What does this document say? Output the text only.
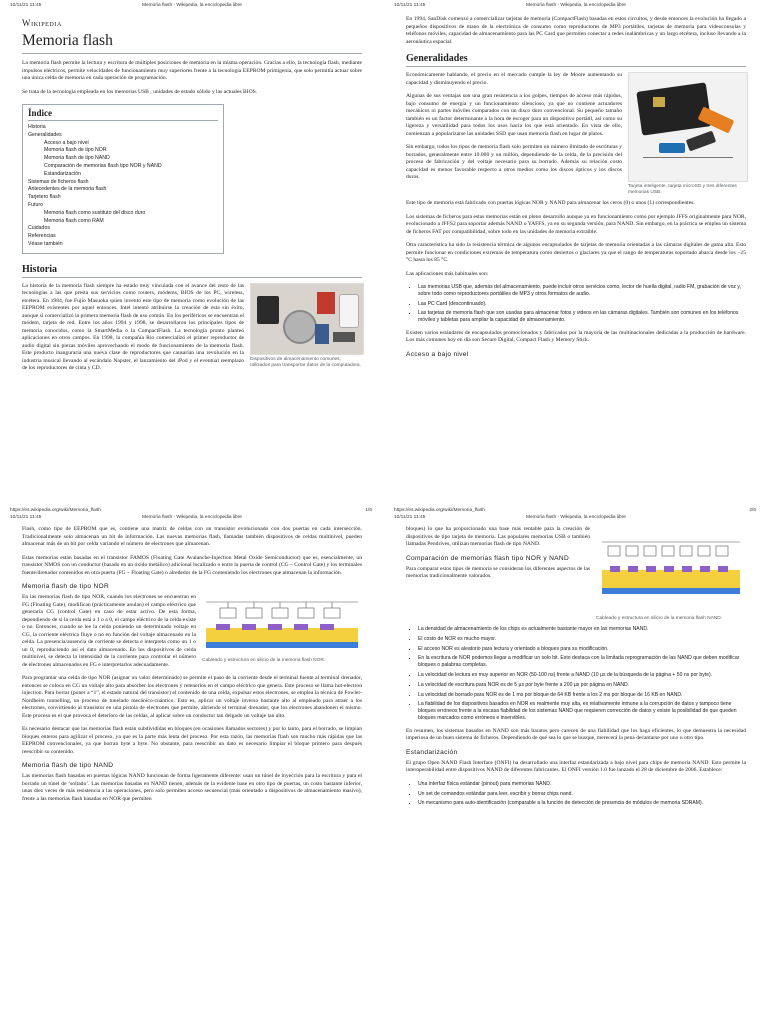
10/11/21 11:45	Memoria flash - Wikipedia, la enciclopedia libre
Wikipedia
Memoria flash

La memoria flash permite la lectura y escritura de múltiples posiciones de memoria en la misma operación. Gracias a ello, la tecnología flash, mediante impulsos eléctricos, permite velocidades de funcionamiento muy superiores frente a la tecnología EEPROM primigenia, que solo permitía actuar sobre una única celda de memoria en cada operación de programación.

Se trata de la tecnología empleada en los memorias USB , unidades de estado sólido y las actuales BIOS.

Índice
Historia
Generalidades
Acceso a bajo nivel
Memoria flash de tipo NOR
Memoria flash de tipo NAND
Comparación de memorias flash tipo NOR y NAND
Estandarización
Sistemas de ficheros flash
Antecedentes de la memoria flash
Tarjetero flash
Futuro
Memoria flash como sustituto del disco duro
Memoria flash como RAM
Cuidados
Referencias
Véase también
Historia
Dispositivos de almacenamiento comunes, utilizados para transportar datos de la computadora.

La historia de la memoria flash siempre ha estado muy vinculada con el avance del resto de las tecnologías a las que presta sus servicios como routers, módems, BIOS de los PC, wireless, etcétera. En 1984, fue Fujio Masuoka quien inventó este tipo de memoria como evolución de las EEPROM existentes por aquel entonces. Intel intentó atribuirse la creación de esta sin éxito, aunque sí comercializó la primera memoria flash de uso común. En los periféricos se encuentran el módem, tarjeta de red. Entre los años 1994 y 1998, se desarrollaron los principales tipos de memoria conocidos, como la SmartMedia o la CompactFlash. La tecnología pronto planteó aplicaciones en otros campos. En 1998, la compañía Rio comercializó el primer reproductor de audio digital sin piezas móviles aprovechando el modo de funcionamiento de la memoria flash. Este producto inauguraría una nueva clase de reproductores que causarían una revolución en la industria musical llevando al escándalo Napster, el lanzamiento del iPod y el eventual reemplazo de los reproductores de cinta y CD.

https://es.wikipedia.org/wiki/Memoria_flash	1/6
10/11/21 11:45	Memoria flash - Wikipedia, la enciclopedia libre

En 1994, SanDisk comenzó a comercializar tarjetas de memoria (CompactFlash) basadas en estos circuitos, y desde entonces la evolución ha llegado a pequeños dispositivos de mano de la electrónica de consumo como reproductores de MP3 portátiles, tarjetas de memoria para videoconsolas y teléfonos móviles, capacidad de almacenamiento para las PC Card que permiten conectar a redes inalámbricas y un largo etcétera, incluso llevando a la aeronáutica espacial.

Generalidades
Tarjeta inteligente, tarjeta microSD y tres diferentes memorias USB.

Económicamente hablando, el precio en el mercado cumple la ley de Moore aumentando su capacidad y disminuyendo el precio.

Algunas de sus ventajas son una gran resistencia a los golpes, tiempos de acceso más rápidos, bajo consumo de energía y un funcionamiento silencioso, ya que no contiene actuadores mecánicos ni partes móviles comparados con un disco duro convencional. Su pequeño tamaño también es un factor determinante a la hora de escoger para un dispositivo portátil, así como su ligereza y versatilidad para todos los usos hacia los que está orientado. En vista de ello, comienzan a popularizarse las unidades SSD que usan memoria flash en lugar de platos.

Sin embargo, todos los tipos de memoria flash solo permiten un número limitado de escrituras y borrados, generalmente entre 10.000 y un millón, dependiendo de la celda, de la precisión del proceso de fabricación y del voltaje necesario para su borrado. Además su relación costo capacidad es menos favorable respecto a otros medios como los discos ópticos y los discos duros.

Este tipo de memoria está fabricado con puertas lógicas NOR y NAND para almacenar los ceros (0) o unos (1) correspondientes.

Los sistemas de ficheros para estas memorias están en pleno desarrollo aunque ya en funcionamiento como por ejemplo JFFS originalmente para NOR, evolucionado a JFFS2 para soportar además NAND o YAFFS, ya en su segunda versión, para NAND. Sin embargo, en la práctica se emplea un sistema de ficheros FAT por compatibilidad, sobre todo en las unidades de memoria extraíble.

Otra característica ha sido la resistencia térmica de algunos encapsulados de tarjetas de memoria orientadas a las cámaras digitales de gama alta. Esto permite funcionar en condiciones extremas de temperatura como desiertos o glaciares ya que el rango de temperaturas soportado abarca desde los −25 °C hasta los 85 °C.

Las aplicaciones más habituales son:

• Las memorias USB que, además del almacenamiento, puede incluir otros servicios como, lector de huella digital, radio FM, grabación de voz y, sobre todo como reproductores portátiles de MP3 y otros formatos de audio.
• Las PC Card (descontinuado).
• Las tarjetas de memoria flash que son usadas para almacenar fotos y videos en las cámaras digitales. También son comunes en los teléfonos móviles y tabletas para ampliar la capacidad de almacenamiento.

Existen varios estándares de encapsulados promocionados y fabricados por la mayoría de las multinacionales dedicadas a la producción de hardware. Los más comunes hoy en día son Secure Digital, Compact Flash y Memory Stick.

Acceso a bajo nivel
https://es.wikipedia.org/wiki/Memoria_flash	2/6
10/11/21 11:45	Memoria flash - Wikipedia, la enciclopedia libre

Flash, como tipo de EEPROM que es, contiene una matriz de celdas con un transistor evolucionado con dos puertas en cada intersección. Tradicionalmente solo almacenan un bit de información. Las nuevas memorias flash, llamadas también dispositivos de celdas multinivel, pueden almacenar más de un bit por celda variando el número de electrones que almacenan.

Estas memorias están basadas en el transistor FAMOS (Floating Gate Avalanche-Injection Metal Oxide Semiconductor) que es, esencialmente, un transistor NMOS con un conductor (basado en un óxido metálico) adicional localizado o entre la puerta de control (CG – Control Gate) y los terminales fuente/drenador contenidos en otra puerta (FG – Floating Gate) o alrededor de la FG conteniendo los electrones que almacenan la información.

Memoria flash de tipo NOR
Cableado y estructura en silicio de la memoria flash NOR.

En las memorias flash de tipo NOR, cuando los electrones se encuentran en FG (Floating Gate), modifican (prácticamente anulan) el campo eléctrico que generaría CG (control Gate) en caso de estar activo. De esta forma, dependiendo de si la celda está a 1 o a 0, el campo eléctrico de la celda existe o no. Entonces, cuando se lee la celda poniendo un determinado voltaje en CG, la corriente eléctrica fluye o no en función del voltaje almacenado en la celda. La presencia/ausencia de corriente se detecta e interpreta como un 1 o un 0, reproduciendo así el dato almacenado. En los dispositivos de celda multinivel, se detecta la intensidad de la corriente para controlar el número de electrones almacenados en FG e interpretarlos adecuadamente.

Para programar una celda de tipo NOR (asignar un valor determinado) se permite el paso de la corriente desde el terminal fuente al terminal drenador, entonces se coloca en CG un voltaje alto para absorber los electrones y retenerlos en el campo eléctrico que genera. Este proceso se llama hot-electron injection. Para borrar (poner a “1”, el estado natural del transistor) el contenido de una celda, expulsar estos electrones, se emplea la técnica de Fowler-Nordheim tunnelling, un proceso de tunelado mecánico-cuántico. Esto es, aplicar un voltaje inverso bastante alto al empleado para atraer a los electrones, convirtiendo al transistor en una pistola de electrones que permite, abriendo el terminal drenador, que los electrones abandonen el mismo. Este proceso es el que provoca el deterioro de las celdas, al aplicar sobre un conductor tan delgado un voltaje tan alto.

Es necesario destacar que las memorias flash están subdivididas en bloques (en ocasiones llamados sectores) y por lo tanto, para el borrado, se limpian bloques enteros para agilizar el proceso, ya que es la parte más lenta del proceso. Por esta razón, las memorias flash son mucho más rápidas que las EEPROM convencionales, ya que borran byte a byte. No obstante, para reescribir un dato es necesario limpiar el bloque primero para después reescribir su contenido.

Memoria flash de tipo NAND

Las memorias flash basadas en puertas lógicas NAND funcionan de forma ligeramente diferente: usan un túnel de inyección para la escritura y para el borrado un túnel de ‘soltado’. Las memorias basadas en NAND tienen, además de la evidente base en otro tipo de puertas, un costo bastante inferior, unas diez veces de más resistencia a las operaciones, pero solo permiten acceso secuencial (más orientado a dispositivos de almacenamiento masivo), frente a las memorias flash basadas en NOR que permiten

10/11/21 11:45	Memoria flash - Wikipedia, la enciclopedia libre
Cableado y estructura en silicio de la memoria flash NAND.

bloques) lo que ha proporcionado una base más rentable para la creación de dispositivos de tipo tarjeta de memoria. Las populares memorias USB o también llamadas Pendrives, utilizan memorias flash de tipo NAND.

Comparación de memorias flash tipo NOR y NAND

Para comparar estos tipos de memoria se consideran los diferentes aspectos de las memorias tradicionalmente valorados.

• La densidad de almacenamiento de los chips es actualmente bastante mayor en las memorias NAND.
• El costo de NOR es mucho mayor.
• El acceso NOR es aleatorio para lectura y orientado a bloques para su modificación.
• En la escritura de NOR podemos llegar a modificar un solo bit. Esto destaca con la limitada reprogramación de las NAND que deben modificar bloques o palabras completas.
• La velocidad de lectura es muy superior en NOR (50-100 ns) frente a NAND (10 µs de la búsqueda de la página + 50 ns por byte).
• La velocidad de escritura para NOR es de 5 µs por byte frente a 200 µs por página en NAND.
• La velocidad de borrado para NOR es de 1 ms por bloque de 64 KB frente a los 2 ms por bloque de 16 KB en NAND.
• La fiabilidad de los dispositivos basados en NOR es realmente muy alta, es relativamente inmune a la corrupción de datos y tampoco tiene bloques erróneos frente a la escasa fiabilidad de los sistemas NAND que requieren corrección de datos y existe la posibilidad de que queden bloques marcados como erróneos e inservibles.

En resumen, los sistemas basados en NAND son más baratos pero carecen de una fiabilidad que los haga eficientes, lo que demuestra la necesidad imperiosa de un buen sistema de ficheros. Dependiendo de qué sea lo que se busque, merecerá la pena decantarse por uno u otro tipo.

Estandarización

El grupo Open NAND Flash Interface (ONFI) ha desarrollado una interfaz estandarizada a bajo nivel para chips de memoria NAND. Esto permite la interoperabilidad entre dispositivos NAND de diferentes fabricantes. El ONFI versión 1.0 fue lanzado el 28 de diciembre de 2006. Establece:

• Una interfaz física estándar (pinout) para memorias NAND.
• Un set de comandos estándar para leer, escribir y borrar chips nand.
• Un mecanismo para auto-identificación (comparable a la función de detección de presencia de módulos de memoria SDRAM).
